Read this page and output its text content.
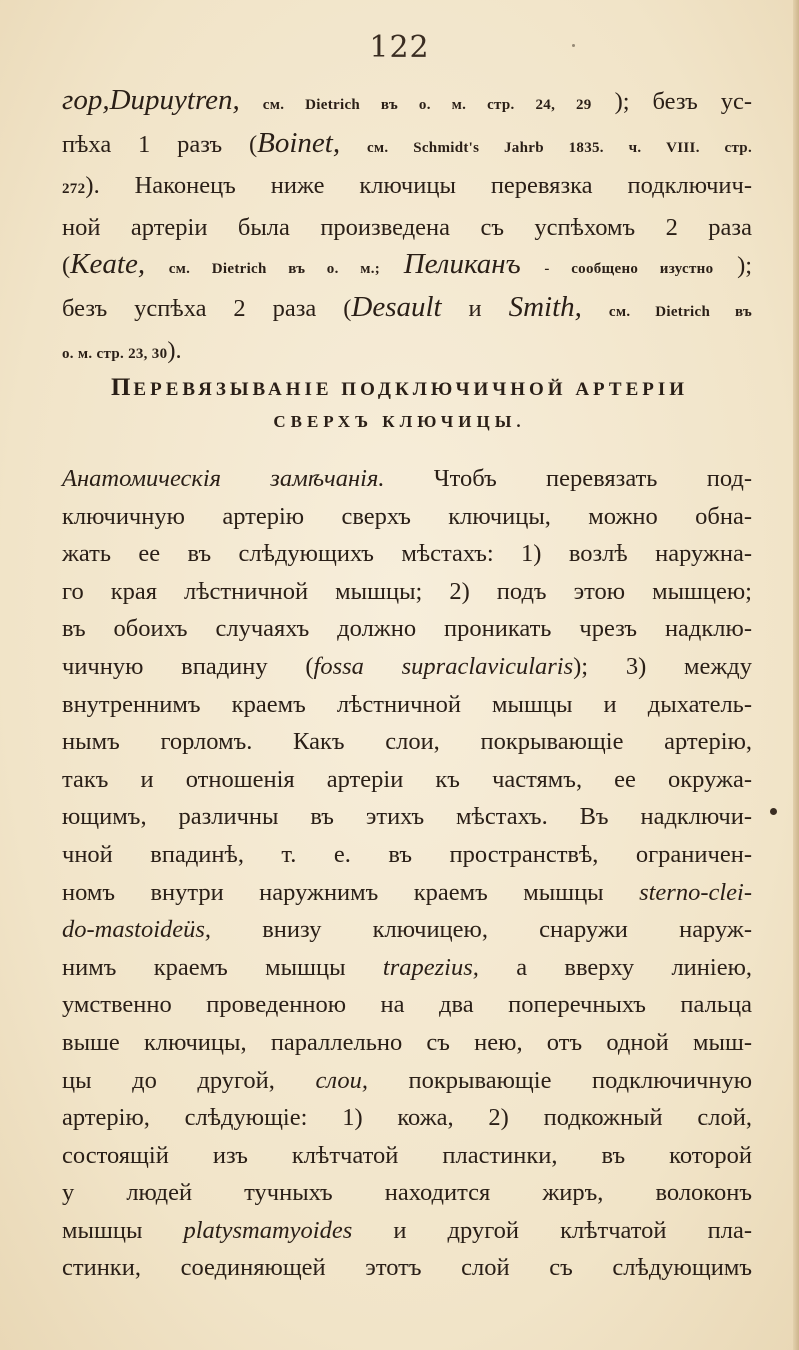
122
гор,Dupuytren, см. Dietrich въ о. м. стр. 24, 29 ); безъ ус-
пѣха 1 разъ (Boinet, см. Schmidt's Jahrb 1835. ч. VIII. стр.
272). Наконецъ ниже ключицы перевязка подключич-
ной артеріи была произведена съ успѣхомъ 2 раза
(Keate, см. Dietrich въ о. м.; Пеликанъ - сообщено изустно );
безъ успѣха 2 раза (Desault и Smith, см. Dietrich въ
о. м. стр. 23, 30).
ПЕРЕВЯЗЫВАНІЕ ПОДКЛЮЧИЧНОЙ АРТЕРІИ
СВЕРХЪ КЛЮЧИЦЫ.
Анатомическія замѣчанія. Чтобъ перевязать под-
ключичную артерію сверхъ ключицы, можно обна-
жать ее въ слѣдующихъ мѣстахъ: 1) возлѣ наружна-
го края лѣстничной мышцы; 2) подъ этою мышцею;
въ обоихъ случаяхъ должно проникать чрезъ надклю-
чичную впадину (fossa supraclavicularis); 3) между
внутреннимъ краемъ лѣстничной мышцы и дыхатель-
нымъ горломъ. Какъ слои, покрывающіе артерію,
такъ и отношенія артеріи къ частямъ, ее окружа-
ющимъ, различны въ этихъ мѣстахъ. Въ надключи-
чной впадинѣ, т. е. въ пространствѣ, ограничен-
номъ внутри наружнимъ краемъ мышцы sterno-clei-
do-mastoideüs, внизу ключицею, снаружи наруж-
нимъ краемъ мышцы trapezius, а вверху линіею,
умственно проведенною на два поперечныхъ пальца
выше ключицы, параллельно съ нею, отъ одной мыш-
цы до другой, слои, покрывающіе подключичную
артерію, слѣдующіе: 1) кожа, 2) подкожный слой,
состоящій изъ клѣтчатой пластинки, въ которой
у людей тучныхъ находится жиръ, волоконъ
мышцы platysmamyoides и другой клѣтчатой пла-
стинки, соединяющей этотъ слой съ слѣдующимъ
